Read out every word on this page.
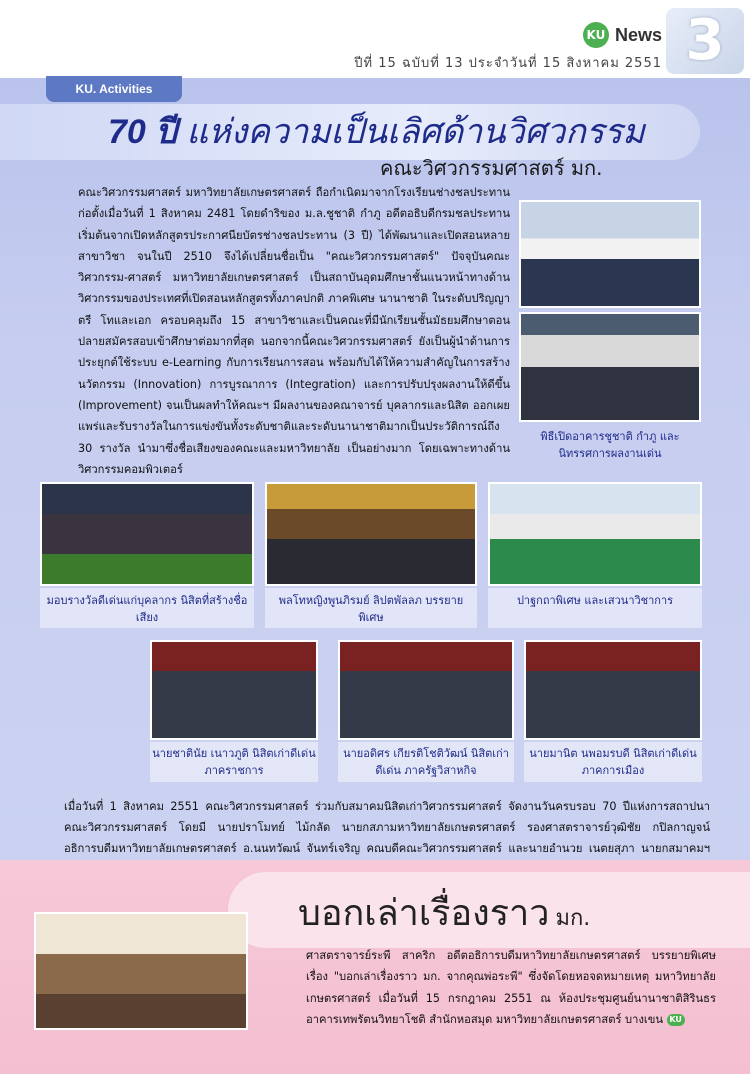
KU News
ปีที่ 15 ฉบับที่ 13 ประจำวันที่ 15 สิงหาคม 2551 3
KU. Activities
70 ปี แห่งความเป็นเลิศด้านวิศวกรรม
คณะวิศวกรรมศาสตร์ มก.
คณะวิศวกรรมศาสตร์ มหาวิทยาลัยเกษตรศาสตร์ ถือกำเนิดมาจากโรงเรียนช่างชลประทาน ก่อตั้งเมื่อวันที่ 1 สิงหาคม 2481 โดยดำริของ ม.ล.ชูชาติ กำภู อดีตอธิบดีกรมชลประทาน เริ่มต้นจากเปิดหลักสูตรประกาศนียบัตรช่างชลประทาน (3 ปี) ได้พัฒนาและเปิดสอนหลายสาขาวิชา จนในปี 2510 จึงได้เปลี่ยนชื่อเป็น "คณะวิศวกรรมศาสตร์" ปัจจุบันคณะวิศวกรรม-ศาสตร์ มหาวิทยาลัยเกษตรศาสตร์ เป็นสถาบันอุดมศึกษาชั้นแนวหน้าทางด้านวิศวกรรมของประเทศที่เปิดสอนหลักสูตรทั้งภาคปกติ ภาคพิเศษ นานาชาติ ในระดับปริญญาตรี โทและเอก ครอบคลุมถึง 15 สาขาวิชาและเป็นคณะที่มีนักเรียนชั้นมัธยมศึกษาตอนปลายสมัครสอบเข้าศึกษาต่อมากที่สุด นอกจากนี้คณะวิศวกรรมศาสตร์ ยังเป็นผู้นำด้านการประยุกต์ใช้ระบบ e-Learning กับการเรียนการสอน พร้อมกับได้ให้ความสำคัญในการสร้างนวัตกรรม (Innovation) การบูรณาการ (Integration) และการปรับปรุงผลงานให้ดีขึ้น (Improvement) จนเป็นผลทำให้คณะฯ มีผลงานของคณาจารย์ บุคลากรและนิสิต ออกเผยแพร่และรับรางวัลในการแข่งขันทั้งระดับชาติและระดับนานาชาติมากเป็นประวัติการณ์ถึง 30 รางวัล นำมาซึ่งชื่อเสียงของคณะและมหาวิทยาลัย เป็นอย่างมาก โดยเฉพาะทางด้านวิศวกรรมคอมพิวเตอร์
พิธีเปิดอาคารชูชาติ กำภู และนิทรรศการผลงานเด่น
มอบรางวัลดีเด่นแก่บุคลากร นิสิตที่สร้างชื่อเสียง
พลโทหญิงพูนภิรมย์ ลิปตพัลลภ บรรยายพิเศษ
ปาฐกถาพิเศษ และเสวนาวิชาการ
นายชาตินัย เนาวภูติ นิสิตเก่าดีเด่น ภาคราชการ
นายอดิศร เกียรติโชติวัฒน์ นิสิตเก่าดีเด่น ภาครัฐวิสาหกิจ
นายมานิต นพอมรบดี นิสิตเก่าดีเด่น ภาคการเมือง
เมื่อวันที่ 1 สิงหาคม 2551 คณะวิศวกรรมศาสตร์ ร่วมกับสมาคมนิสิตเก่าวิศวกรรมศาสตร์ จัดงานวันครบรอบ 70 ปีแห่งการสถาปนาคณะวิศวกรรมศาสตร์ โดยมี นายปราโมทย์ ไม้กลัด นายกสภามหาวิทยาลัยเกษตรศาสตร์ รองศาสตราจารย์วุฒิชัย กปิลกาญจน์ อธิการบดีมหาวิทยาลัยเกษตรศาสตร์ อ.นนทวัฒน์ จันทร์เจริญ คณบดีคณะวิศวกรรมศาสตร์ และนายอำนวย เนตยสุภา นายกสมาคมฯ
บอกเล่าเรื่องราว มก.
ศาสตราจารย์ระพี สาคริก อดีตอธิการบดีมหาวิทยาลัยเกษตรศาสตร์ บรรยายพิเศษ เรื่อง "บอกเล่าเรื่องราว มก. จากคุณพ่อระพี" ซึ่งจัดโดยหอจดหมายเหตุ มหาวิทยาลัยเกษตรศาสตร์ เมื่อวันที่ 15 กรกฎาคม 2551 ณ ห้องประชุมศูนย์นานาชาติสิรินธร อาคารเทพรัตนวิทยาโชติ สำนักหอสมุด มหาวิทยาลัยเกษตรศาสตร์ บางเขน KU
